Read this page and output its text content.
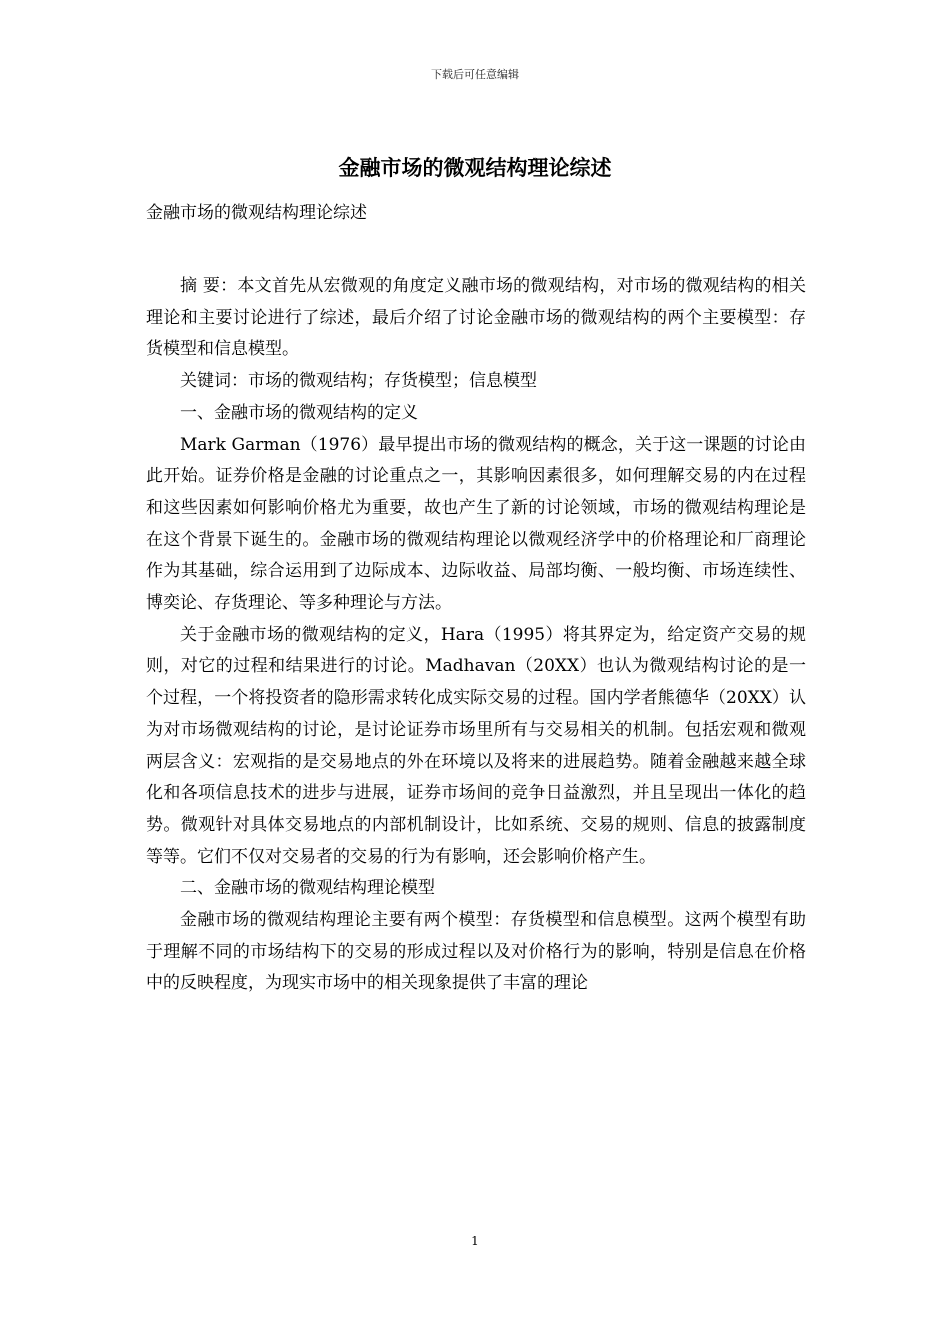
下载后可任意编辑
金融市场的微观结构理论综述
金融市场的微观结构理论综述

摘 要：本文首先从宏微观的角度定义融市场的微观结构，对市场的微观结构的相关理论和主要讨论进行了综述，最后介绍了讨论金融市场的微观结构的两个主要模型：存货模型和信息模型。

关键词：市场的微观结构；存货模型；信息模型

一、金融市场的微观结构的定义

Mark Garman（1976）最早提出市场的微观结构的概念，关于这一课题的讨论由此开始。证券价格是金融的讨论重点之一，其影响因素很多，如何理解交易的内在过程和这些因素如何影响价格尤为重要，故也产生了新的讨论领域，市场的微观结构理论是在这个背景下诞生的。金融市场的微观结构理论以微观经济学中的价格理论和厂商理论作为其基础，综合运用到了边际成本、边际收益、局部均衡、一般均衡、市场连续性、博奕论、存货理论、等多种理论与方法。

关于金融市场的微观结构的定义，Hara（1995）将其界定为，给定资产交易的规则，对它的过程和结果进行的讨论。Madhavan（20XX）也认为微观结构讨论的是一个过程，一个将投资者的隐形需求转化成实际交易的过程。国内学者熊德华（20XX）认为对市场微观结构的讨论，是讨论证券市场里所有与交易相关的机制。包括宏观和微观两层含义：宏观指的是交易地点的外在环境以及将来的进展趋势。随着金融越来越全球化和各项信息技术的进步与进展，证券市场间的竞争日益激烈，并且呈现出一体化的趋势。微观针对具体交易地点的内部机制设计，比如系统、交易的规则、信息的披露制度等等。它们不仅对交易者的交易的行为有影响，还会影响价格产生。

二、金融市场的微观结构理论模型

金融市场的微观结构理论主要有两个模型：存货模型和信息模型。这两个模型有助于理解不同的市场结构下的交易的形成过程以及对价格行为的影响，特别是信息在价格中的反映程度，为现实市场中的相关现象提供了丰富的理论

1
